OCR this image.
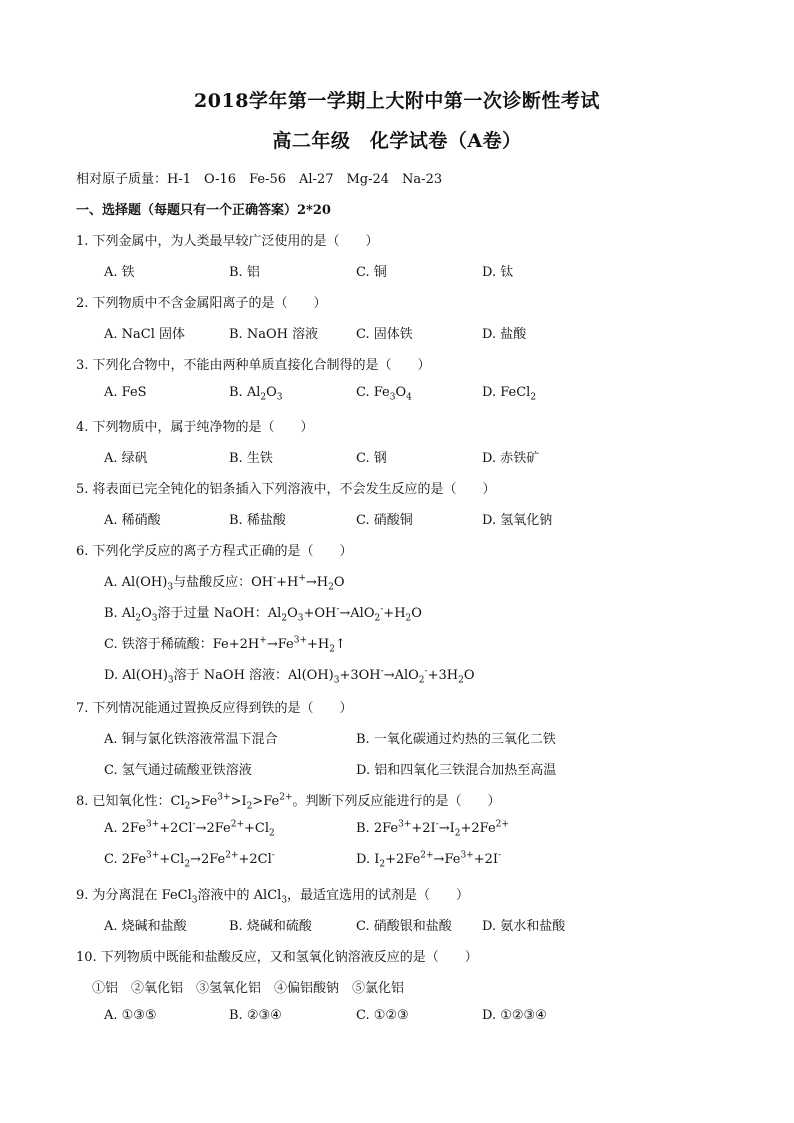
2018学年第一学期上大附中第一次诊断性考试
高二年级　化学试卷（A卷）
相对原子质量：H-1　O-16　Fe-56　Al-27　Mg-24　Na-23
一、选择题（每题只有一个正确答案）2*20
1. 下列金属中，为人类最早较广泛使用的是（　　）
A. 铁	B. 铝	C. 铜	D. 钛
2. 下列物质中不含金属阳离子的是（　　）
A. NaCl 固体	B. NaOH 溶液	C. 固体铁	D. 盐酸
3. 下列化合物中，不能由两种单质直接化合制得的是（　　）
A. FeS	B. $Al_2O_3$	C. $Fe_3O_4$	D. FeCl$_2$
4. 下列物质中，属于纯净物的是（　　）
A. 绿矾	B. 生铁	C. 钢	D. 赤铁矿
5. 将表面已完全钝化的铝条插入下列溶液中，不会发生反应的是（　　）
A. 稀硝酸	B. 稀盐酸	C. 硝酸铜	D. 氢氧化钠
6. 下列化学反应的离子方程式正确的是（　　）
A. $Al(OH)_3$与盐酸反应：$OH^-+H^+\to H_2O$
B. $Al_2O_3$溶于过量 NaOH：$Al_2O_3+OH^-\to AlO_2^-+H_2O$
C. 铁溶于稀硫酸：$Fe+2H^+\to Fe^{3+}+H_2↑$
D. $Al(OH)_3$溶于 NaOH 溶液：$Al(OH)_3+3OH^-\to AlO_2^-+3H_2O$
7. 下列情况能通过置换反应得到铁的是（　　）
A. 铜与氯化铁溶液常温下混合	B. 一氧化碳通过灼热的三氧化二铁
C. 氢气通过硫酸亚铁溶液	D. 铝和四氧化三铁混合加热至高温
8. 已知氧化性：$Cl_2>Fe^{3+}>I_2>Fe^{2+}$。判断下列反应能进行的是（　　）
A. $2Fe^{3+}+2Cl^-\to 2Fe^{2+}+Cl_2$	B. $2Fe^{3+}+2I^-\to I_2+2Fe^{2+}$
C. $2Fe^{3+}+Cl_2\to 2Fe^{2+}+2Cl^-$	D. $I_2+2Fe^{2+}\to Fe^{3+}+2I^-$
9. 为分离混在 FeCl$_3$溶液中的 AlCl$_3$，最适宜选用的试剂是（　　）
A. 烧碱和盐酸	B. 烧碱和硫酸	C. 硝酸银和盐酸 D. 氨水和盐酸
10. 下列物质中既能和盐酸反应，又和氢氧化钠溶液反应的是（　　）
①铝　②氧化铝　③氢氧化铝　④偏铝酸钠　⑤氯化铝
A. ①③⑤	B. ②③④	C. ①②③	D. ①②③④
